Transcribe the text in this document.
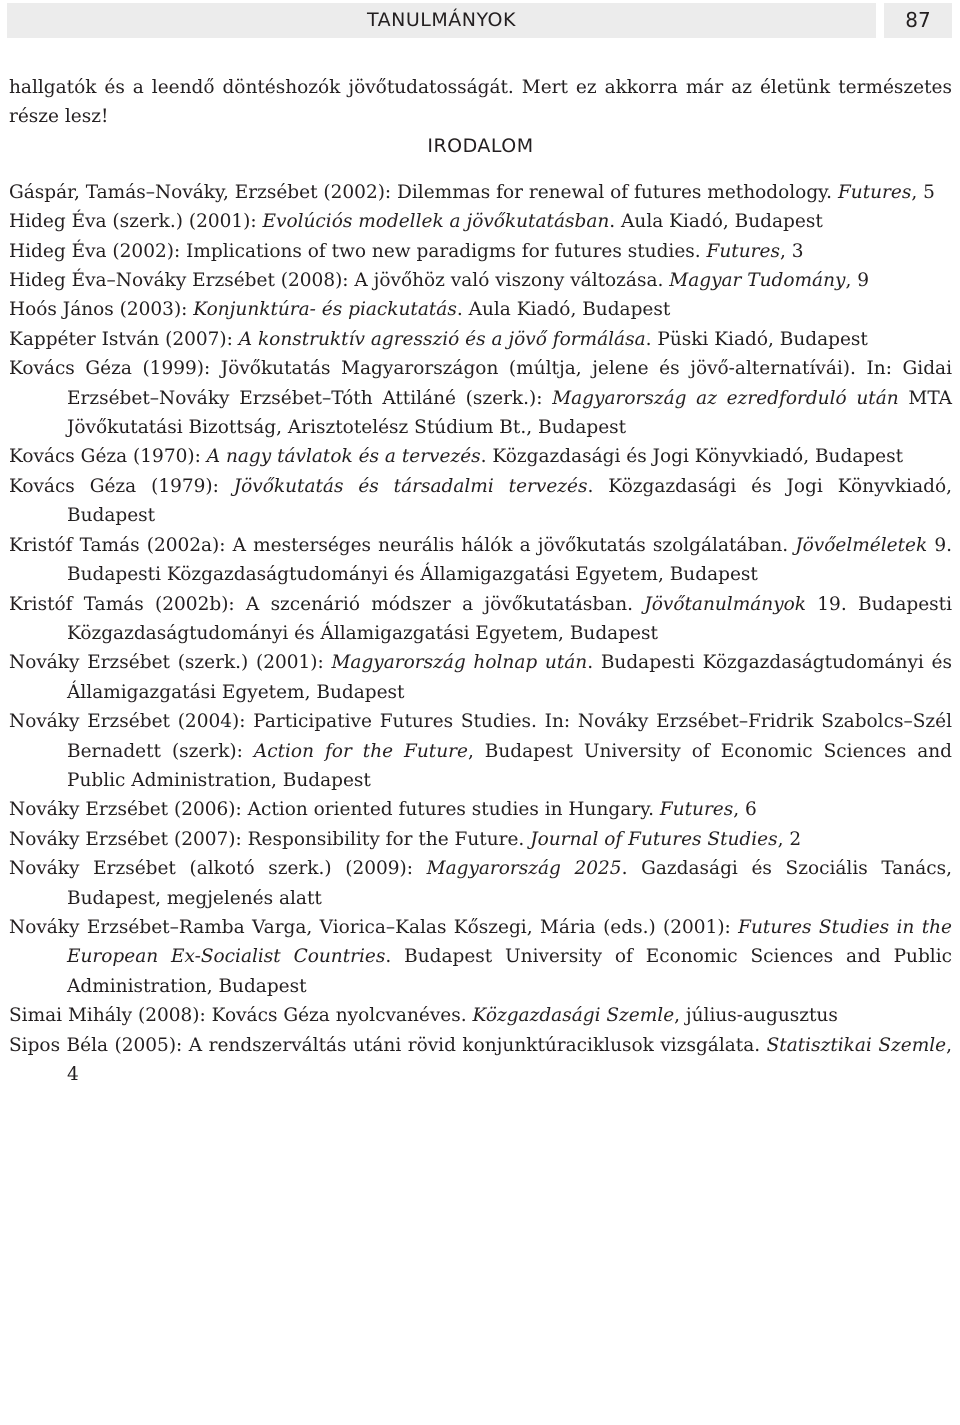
TANULMÁNYOK	87

hallgatók és a leendő döntéshozók jövőtudatosságát. Mert ez akkorra már az életünk természetes része lesz!

IRODALOM

Gáspár, Tamás–Nováky, Erzsébet (2002): Dilemmas for renewal of futures methodology. Futures, 5

Hideg Éva (szerk.) (2001): Evolúciós modellek a jövőkutatásban. Aula Kiadó, Budapest

Hideg Éva (2002): Implications of two new paradigms for futures studies. Futures, 3

Hideg Éva–Nováky Erzsébet (2008): A jövőhöz való viszony változása. Magyar Tudomány, 9

Hoós János (2003): Konjunktúra- és piackutatás. Aula Kiadó, Budapest

Kappéter István (2007): A konstruktív agresszió és a jövő formálása. Püski Kiadó, Budapest

Kovács Géza (1999): Jövőkutatás Magyarországon (múltja, jelene és jövő-alternatívái). In: Gidai Erzsébet–Nováky Erzsébet–Tóth Attiláné (szerk.): Magyarország az ezredforduló után MTA Jövőkutatási Bizottság, Arisztotelész Stúdium Bt., Budapest

Kovács Géza (1970): A nagy távlatok és a tervezés. Közgazdasági és Jogi Könyvkiadó, Budapest

Kovács Géza (1979): Jövőkutatás és társadalmi tervezés. Közgazdasági és Jogi Könyvkiadó, Budapest

Kristóf Tamás (2002a): A mesterséges neurális hálók a jövőkutatás szolgálatában. Jövőelméletek 9. Budapesti Közgazdaságtudományi és Államigazgatási Egyetem, Budapest

Kristóf Tamás (2002b): A szcenárió módszer a jövőkutatásban. Jövőtanulmányok 19. Budapesti Közgazdaságtudományi és Államigazgatási Egyetem, Budapest

Nováky Erzsébet (szerk.) (2001): Magyarország holnap után. Budapesti Közgazdaságtudományi és Államigazgatási Egyetem, Budapest

Nováky Erzsébet (2004): Participative Futures Studies. In: Nováky Erzsébet–Fridrik Szabolcs–Szél Bernadett (szerk): Action for the Future, Budapest University of Economic Sciences and Public Administration, Budapest

Nováky Erzsébet (2006): Action oriented futures studies in Hungary. Futures, 6

Nováky Erzsébet (2007): Responsibility for the Future. Journal of Futures Studies, 2

Nováky Erzsébet (alkotó szerk.) (2009): Magyarország 2025. Gazdasági és Szociális Tanács, Budapest, megjelenés alatt

Nováky Erzsébet–Ramba Varga, Viorica–Kalas Kőszegi, Mária (eds.) (2001): Futures Studies in the European Ex-Socialist Countries. Budapest University of Economic Sciences and Public Administration, Budapest

Simai Mihály (2008): Kovács Géza nyolcvanéves. Közgazdasági Szemle, július-augusztus

Sipos Béla (2005): A rendszerváltás utáni rövid konjunktúraciklusok vizsgálata. Statisztikai Szemle, 4
